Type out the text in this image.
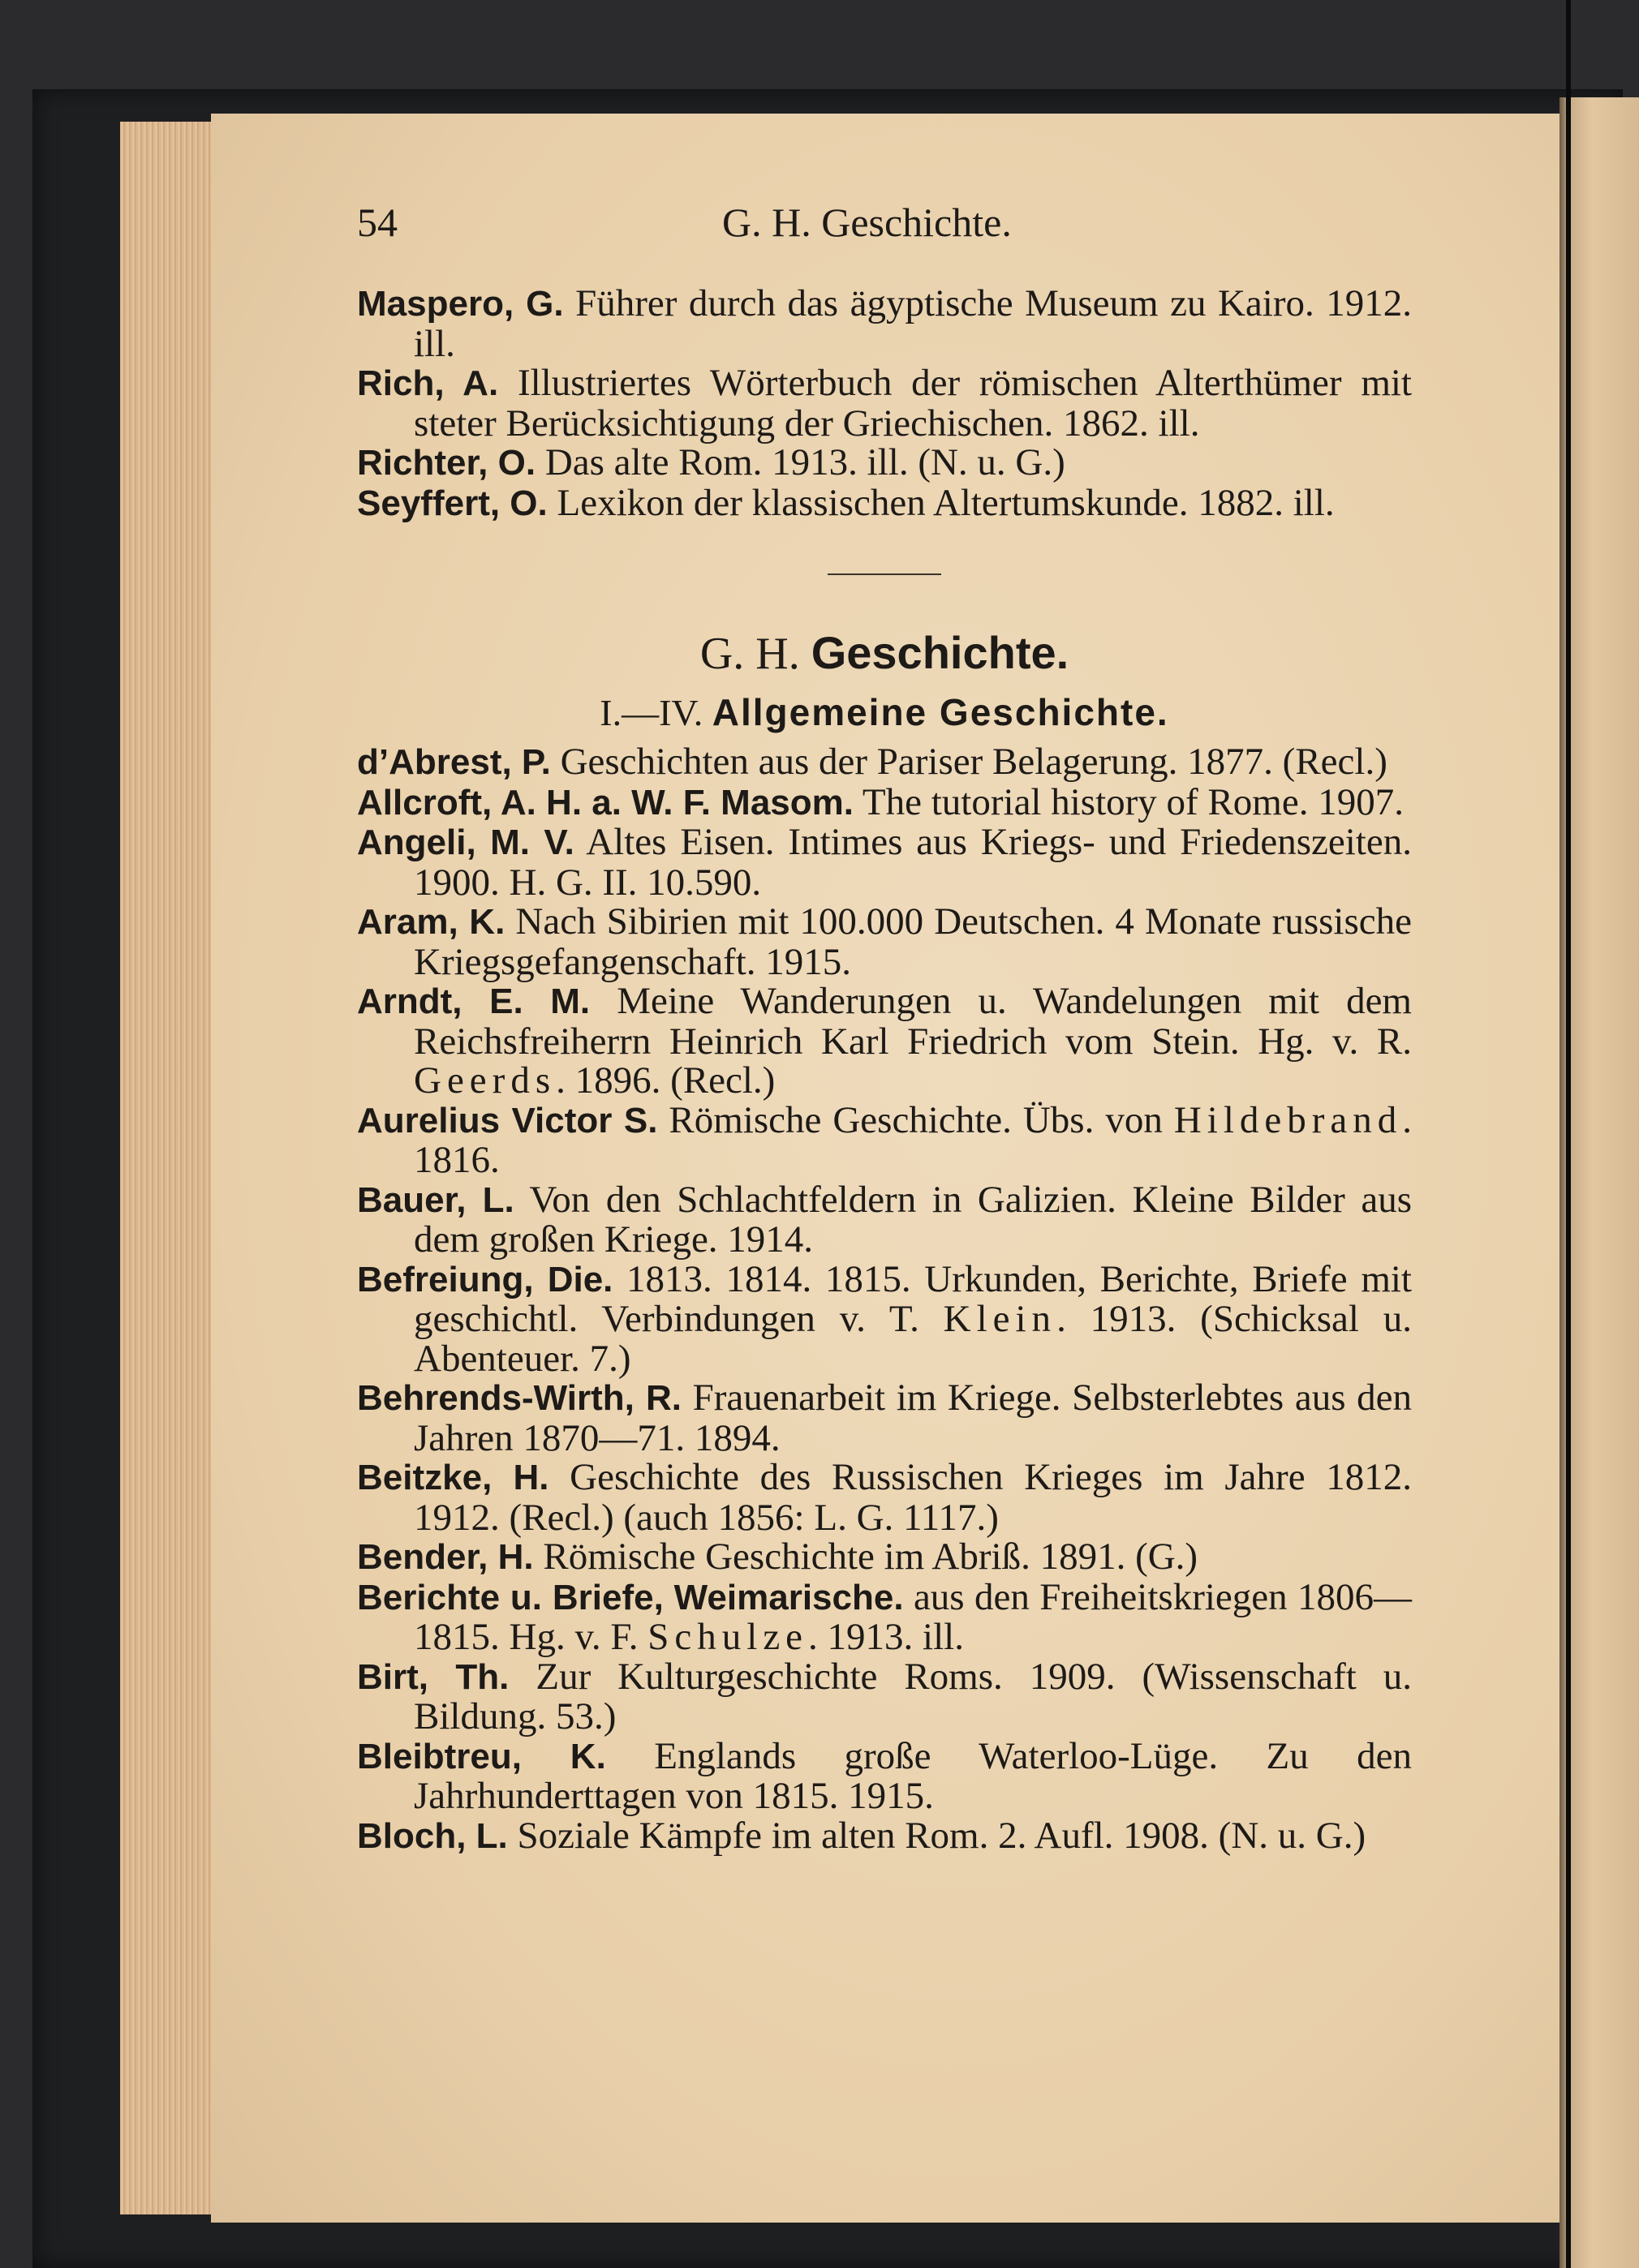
54	G. H. Geschichte.
Maspero, G. Führer durch das ägyptische Museum zu Kairo. 1912. ill.
Rich, A. Illustriertes Wörterbuch der römischen Alterthümer mit steter Berücksichtigung der Griechischen. 1862. ill.
Richter, O. Das alte Rom. 1913. ill. (N. u. G.)
Seyffert, O. Lexikon der klassischen Altertumskunde. 1882. ill.
G. H. Geschichte.
I.—IV. Allgemeine Geschichte.
d’Abrest, P. Geschichten aus der Pariser Belagerung. 1877. (Recl.)
Allcroft, A. H. a. W. F. Masom. The tutorial history of Rome. 1907.
Angeli, M. V. Altes Eisen. Intimes aus Kriegs- und Friedenszeiten. 1900. H. G. II. 10.590.
Aram, K. Nach Sibirien mit 100.000 Deutschen. 4 Monate russische Kriegsgefangenschaft. 1915.
Arndt, E. M. Meine Wanderungen u. Wandelungen mit dem Reichsfreiherrn Heinrich Karl Friedrich vom Stein. Hg. v. R. Geerds. 1896. (Recl.)
Aurelius Victor S. Römische Geschichte. Übs. von Hildebrand. 1816.
Bauer, L. Von den Schlachtfeldern in Galizien. Kleine Bilder aus dem großen Kriege. 1914.
Befreiung, Die. 1813. 1814. 1815. Urkunden, Berichte, Briefe mit geschichtl. Verbindungen v. T. Klein. 1913. (Schicksal u. Abenteuer. 7.)
Behrends-Wirth, R. Frauenarbeit im Kriege. Selbsterlebtes aus den Jahren 1870—71. 1894.
Beitzke, H. Geschichte des Russischen Krieges im Jahre 1812. 1912. (Recl.) (auch 1856: L. G. 1117.)
Bender, H. Römische Geschichte im Abriß. 1891. (G.)
Berichte u. Briefe, Weimarische. aus den Freiheitskriegen 1806—1815. Hg. v. F. Schulze. 1913. ill.
Birt, Th. Zur Kulturgeschichte Roms. 1909. (Wissenschaft u. Bildung. 53.)
Bleibtreu, K. Englands große Waterloo-Lüge. Zu den Jahrhunderttagen von 1815. 1915.
Bloch, L. Soziale Kämpfe im alten Rom. 2. Aufl. 1908. (N. u. G.)
